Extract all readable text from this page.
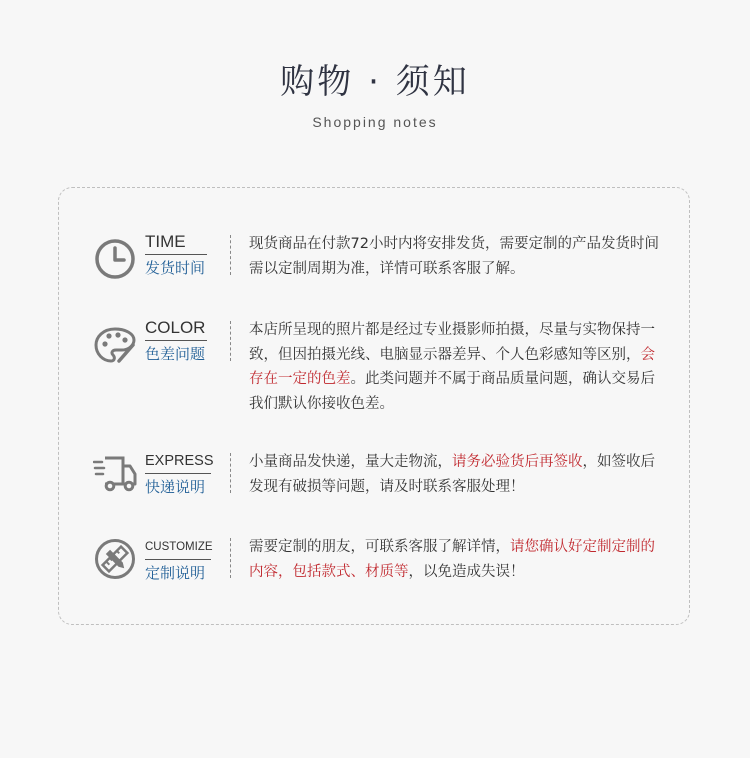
购物 · 须知
Shopping notes
TIME
发货时间

现货商品在付款72小时内将安排发货，需要定制的产品发货时间需以定制周期为准，详情可联系客服了解。

COLOR
色差问题

本店所呈现的照片都是经过专业摄影师拍摄，尽量与实物保持一致，但因拍摄光线、电脑显示器差异、个人色彩感知等区别，会存在一定的色差。此类问题并不属于商品质量问题，确认交易后我们默认你接收色差。

EXPRESS
快递说明

小量商品发快递，量大走物流，请务必验货后再签收，如签收后发现有破损等问题，请及时联系客服处理！

CUSTOMIZE
定制说明

需要定制的朋友，可联系客服了解详情，请您确认好定制定制的内容，包括款式、材质等，以免造成失误！
